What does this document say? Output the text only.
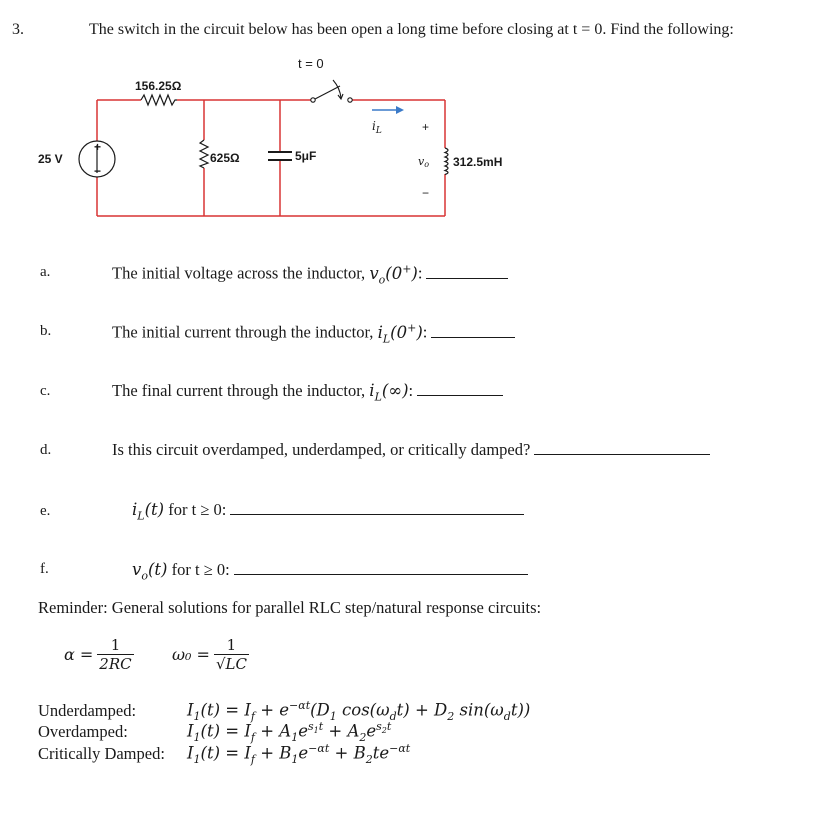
3.	The switch in the circuit below has been open a long time before closing at t = 0. Find the following:
+
−
25 V
156.25Ω
625Ω	5μF
t = 0
$i_L$	+
vo
−
312.5mH
a.	The initial voltage across the inductor, $v_o(0^+)$:
b.	The initial current through the inductor, $i_L(0^+)$:
c.	The final current through the inductor, $i_L(\infty)$:
d.	Is this circuit overdamped, underdamped, or critically damped?
e.	$i_L(t)$ for t ≥ 0:
f.	$v_o(t)$ for t ≥ 0:
Reminder: General solutions for parallel RLC step/natural response circuits:
$\alpha = \frac{1}{2RC} \omega_0 = \frac{1}{√LC}$
Underdamped:	$I_1(t) = I_f + e^{-\alpha t}(D_1$ $\cos(\omega_dt) + D_2$ $\sin(\omega_dt)$)
Overdamped:	$I_1(t) = I_f + A_1e^{s_1t} + A_2e^{s_2t}$
Critically Damped: $I_1(t) = I_f + B_1e^{-\alpha t} + B_2te^{-\alpha t}$
